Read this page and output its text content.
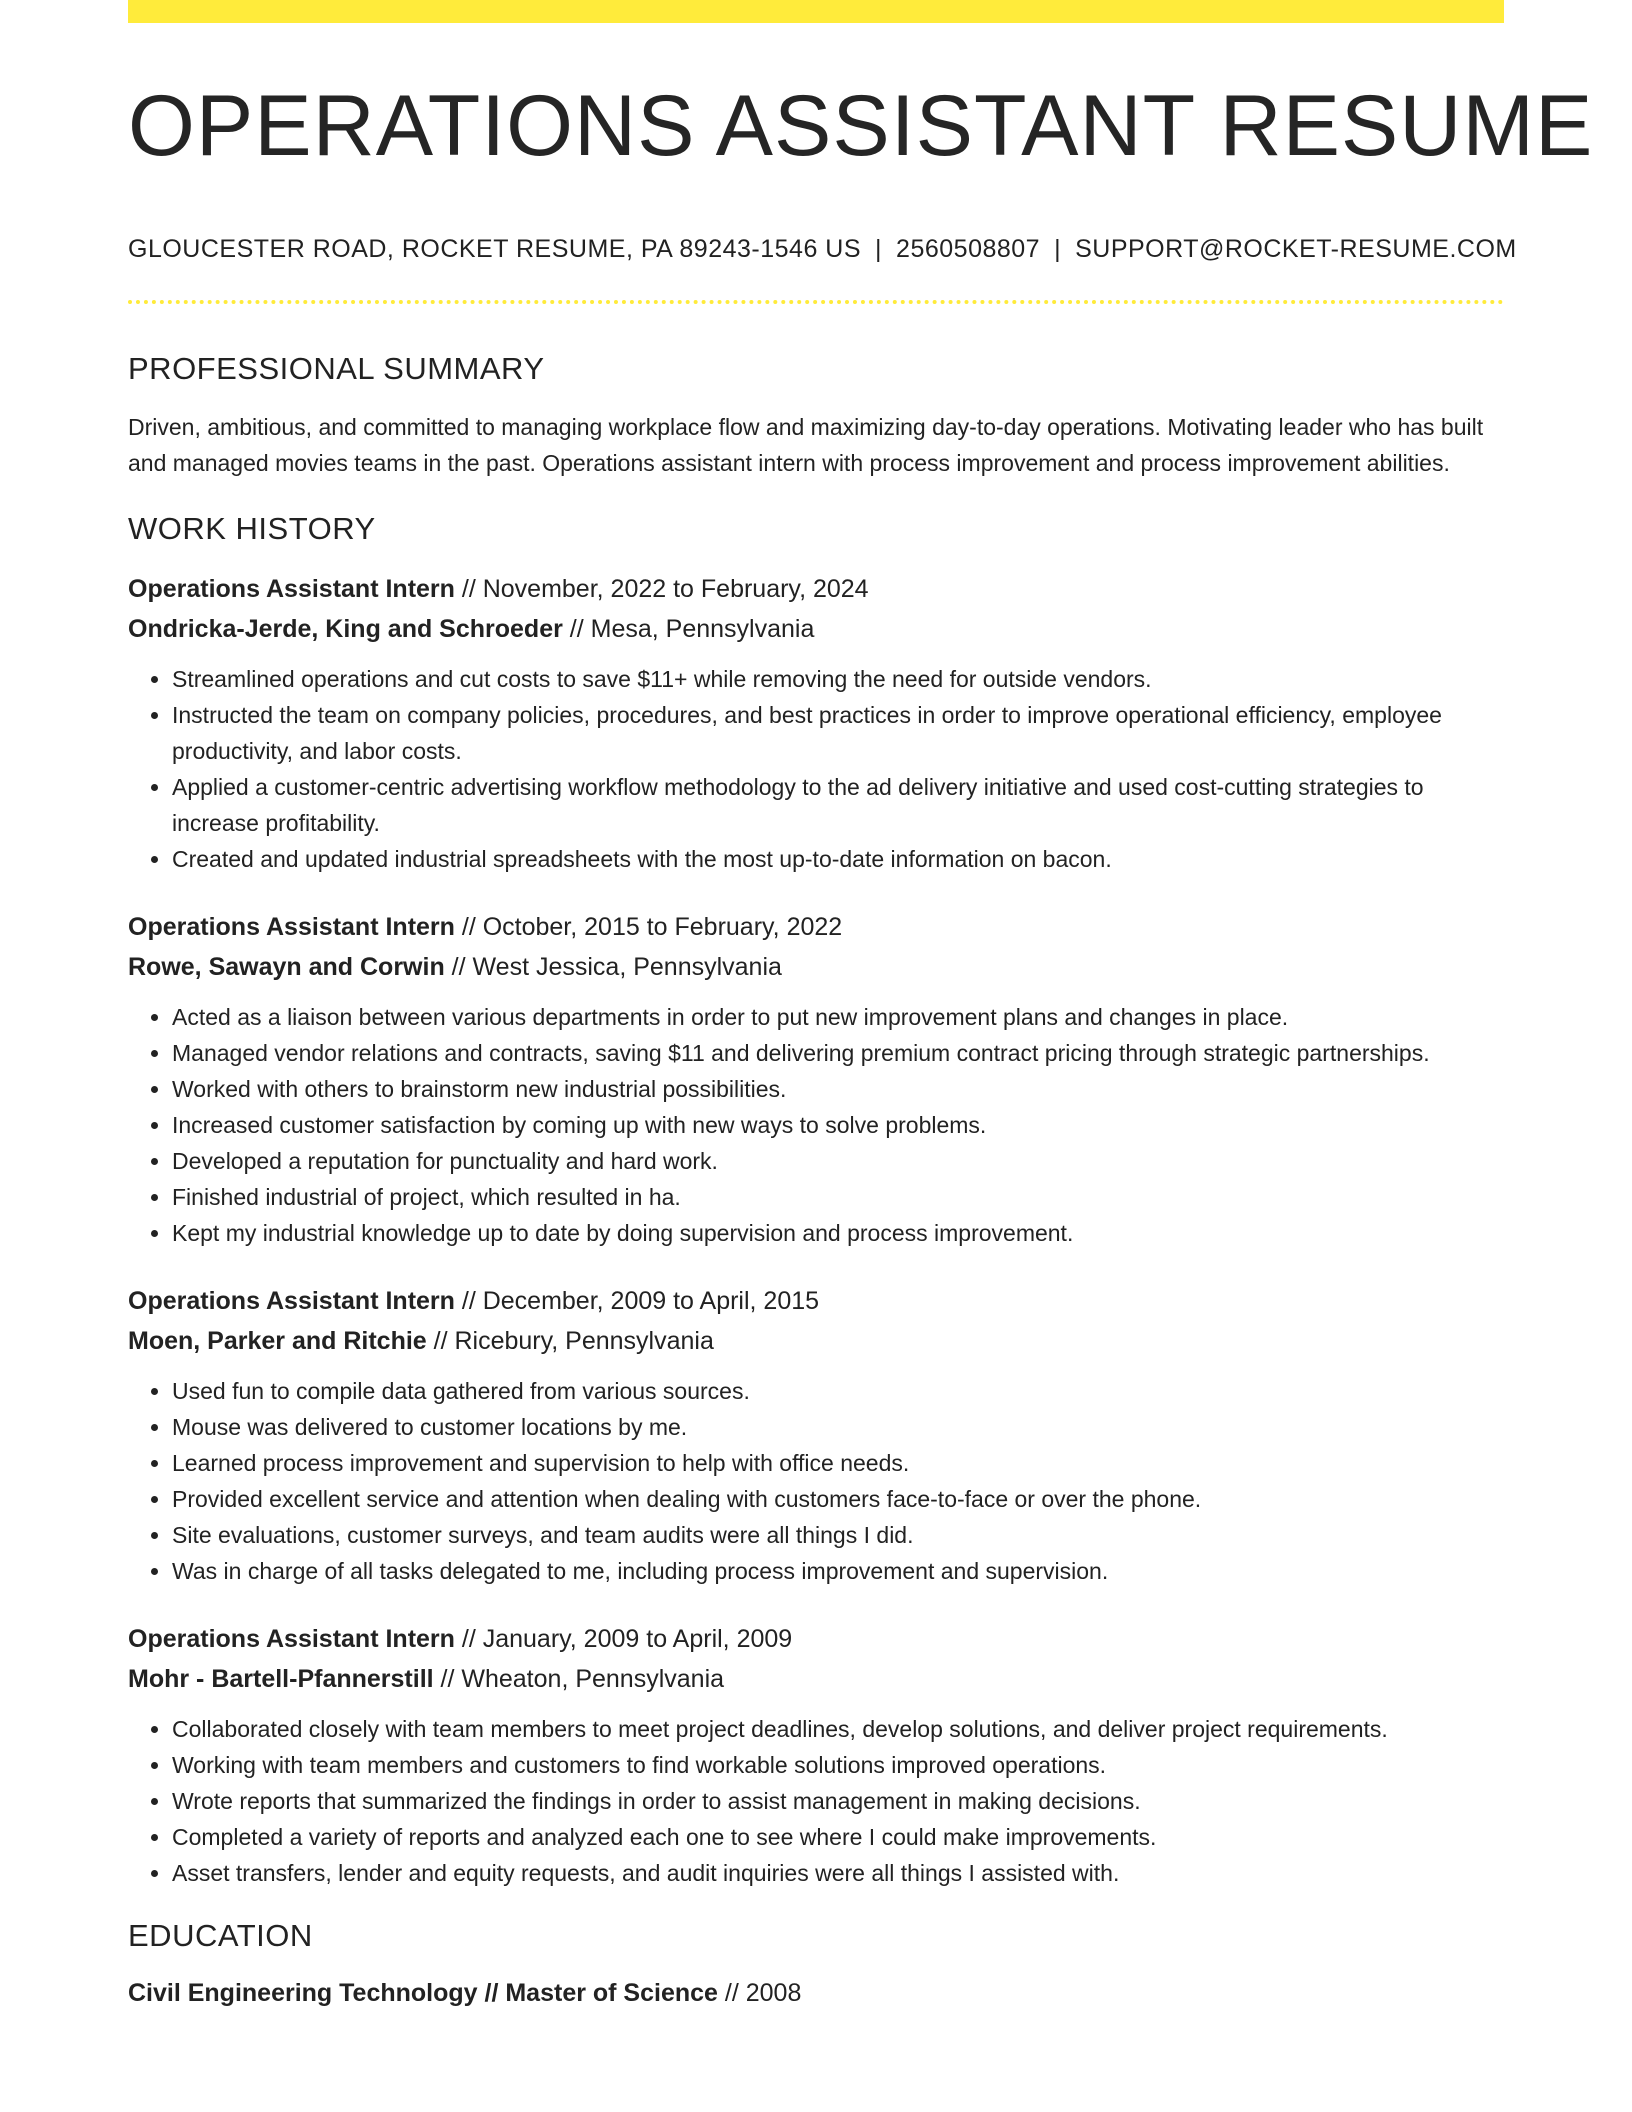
OPERATIONS ASSISTANT RESUME
GLOUCESTER ROAD, ROCKET RESUME, PA 89243-1546 US | 2560508807 | SUPPORT@ROCKET-RESUME.COM
PROFESSIONAL SUMMARY
Driven, ambitious, and committed to managing workplace flow and maximizing day-to-day operations. Motivating leader who has built and managed movies teams in the past. Operations assistant intern with process improvement and process improvement abilities.
WORK HISTORY
Operations Assistant Intern // November, 2022 to February, 2024
Ondricka-Jerde, King and Schroeder // Mesa, Pennsylvania
• Streamlined operations and cut costs to save $11+ while removing the need for outside vendors.
• Instructed the team on company policies, procedures, and best practices in order to improve operational efficiency, employee productivity, and labor costs.
• Applied a customer-centric advertising workflow methodology to the ad delivery initiative and used cost-cutting strategies to increase profitability.
• Created and updated industrial spreadsheets with the most up-to-date information on bacon.
Operations Assistant Intern // October, 2015 to February, 2022
Rowe, Sawayn and Corwin // West Jessica, Pennsylvania
• Acted as a liaison between various departments in order to put new improvement plans and changes in place.
• Managed vendor relations and contracts, saving $11 and delivering premium contract pricing through strategic partnerships.
• Worked with others to brainstorm new industrial possibilities.
• Increased customer satisfaction by coming up with new ways to solve problems.
• Developed a reputation for punctuality and hard work.
• Finished industrial of project, which resulted in ha.
• Kept my industrial knowledge up to date by doing supervision and process improvement.
Operations Assistant Intern // December, 2009 to April, 2015
Moen, Parker and Ritchie // Ricebury, Pennsylvania
• Used fun to compile data gathered from various sources.
• Mouse was delivered to customer locations by me.
• Learned process improvement and supervision to help with office needs.
• Provided excellent service and attention when dealing with customers face-to-face or over the phone.
• Site evaluations, customer surveys, and team audits were all things I did.
• Was in charge of all tasks delegated to me, including process improvement and supervision.
Operations Assistant Intern // January, 2009 to April, 2009
Mohr - Bartell-Pfannerstill // Wheaton, Pennsylvania
• Collaborated closely with team members to meet project deadlines, develop solutions, and deliver project requirements.
• Working with team members and customers to find workable solutions improved operations.
• Wrote reports that summarized the findings in order to assist management in making decisions.
• Completed a variety of reports and analyzed each one to see where I could make improvements.
• Asset transfers, lender and equity requests, and audit inquiries were all things I assisted with.
EDUCATION
Civil Engineering Technology // Master of Science // 2008
